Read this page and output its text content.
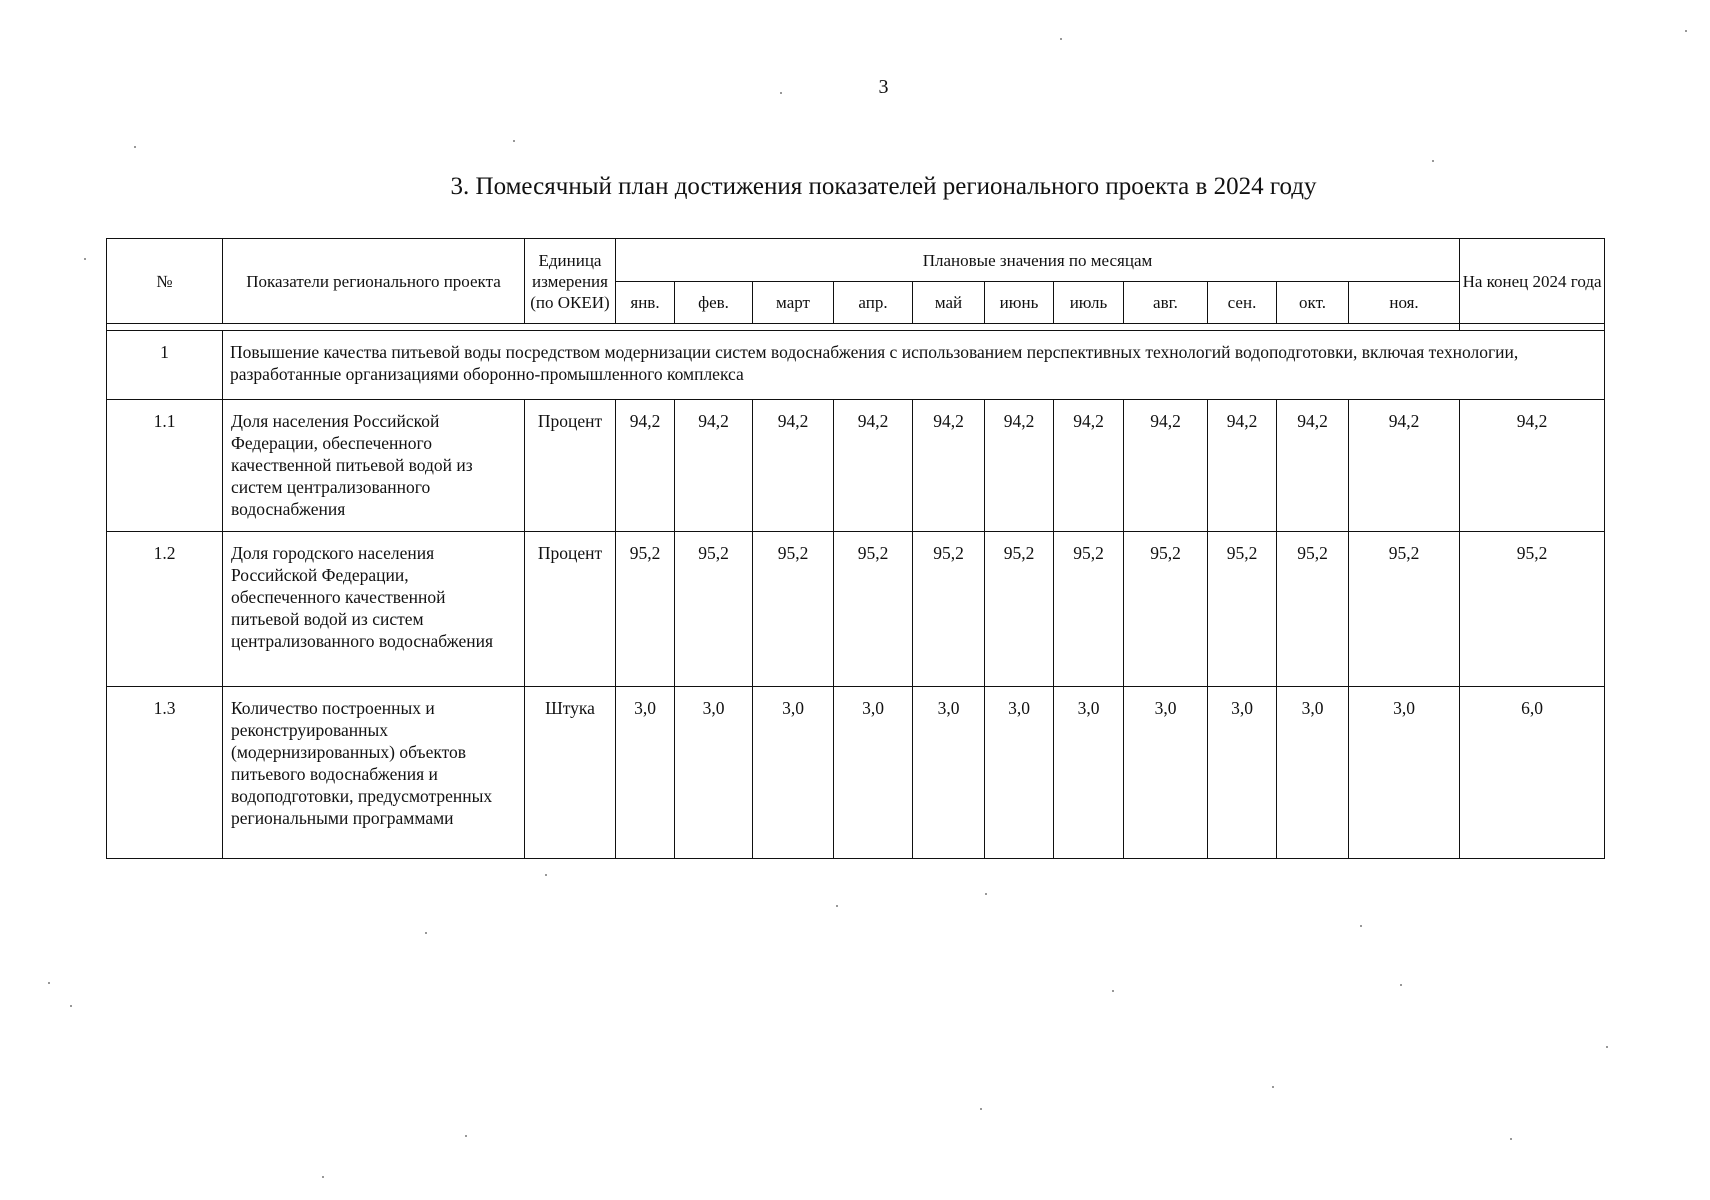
3
3. Помесячный план достижения показателей регионального проекта в 2024 году
№	Показатели регионального проекта	Единица измерения (по ОКЕИ)	Плановые значения по месяцам											На конец 2024 года
			янв.	фев.	март	апр.	май	июнь	июль	авг.	сен.	окт.	ноя.	

1	Повышение качества питьевой воды посредством модернизации систем водоснабжения с использованием перспективных технологий водоподготовки, включая технологии, разработанные организациями оборонно-промышленного комплекса													
1.1	Доля населения Российской Федерации, обеспеченного качественной питьевой водой из систем централизованного водоснабжения	Процент	94,2	94,2	94,2	94,2	94,2	94,2	94,2	94,2	94,2	94,2	94,2	94,2
1.2	Доля городского населения Российской Федерации, обеспеченного качественной питьевой водой из систем централизованного водоснабжения	Процент	95,2	95,2	95,2	95,2	95,2	95,2	95,2	95,2	95,2	95,2	95,2	95,2
1.3	Количество построенных и реконструированных (модернизированных) объектов питьевого водоснабжения и водоподготовки, предусмотренных региональными программами	Штука	3,0	3,0	3,0	3,0	3,0	3,0	3,0	3,0	3,0	3,0	3,0	6,0
